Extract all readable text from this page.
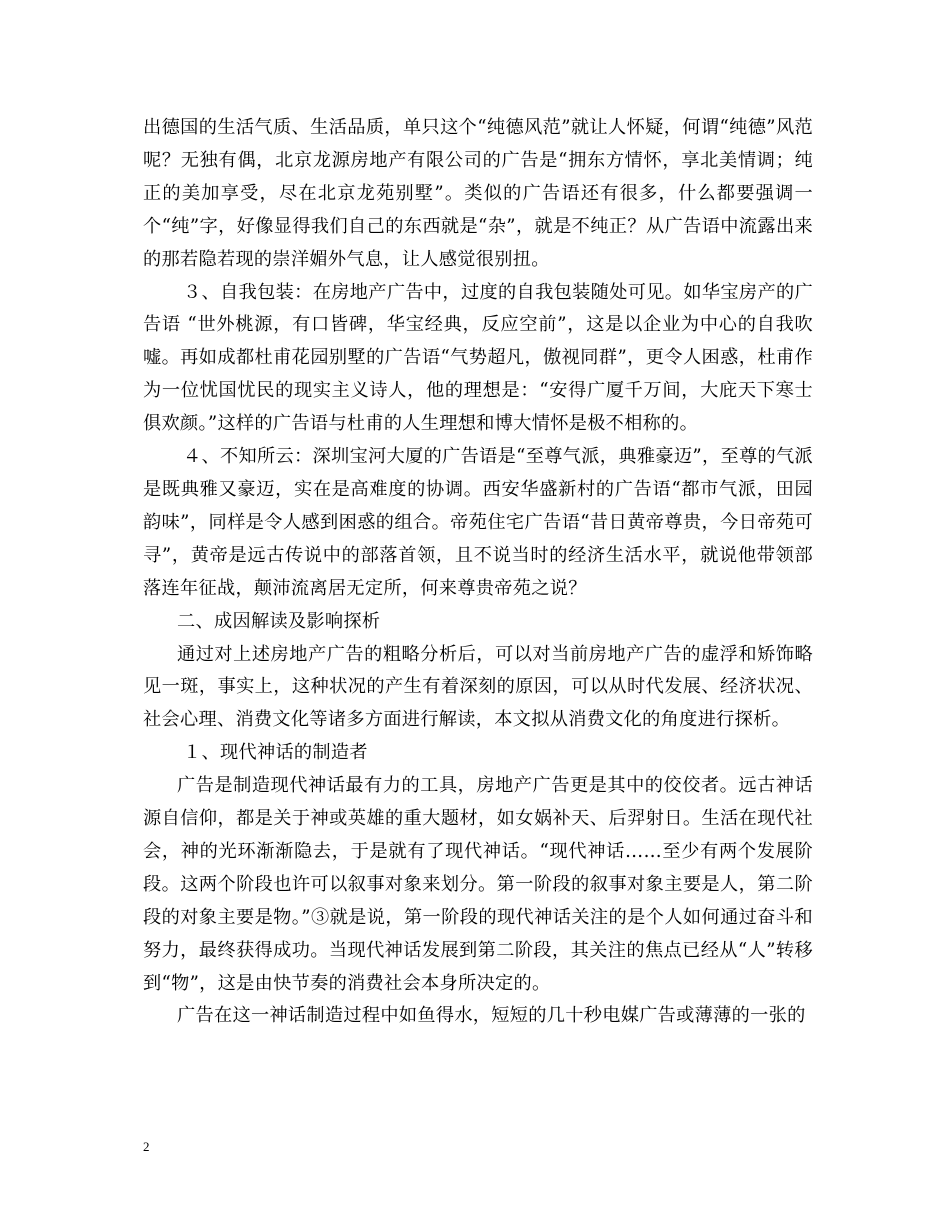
出德国的生活气质、生活品质，单只这个“纯德风范”就让人怀疑，何谓“纯德”风范呢？无独有偶，北京龙源房地产有限公司的广告是“拥东方情怀，享北美情调；纯正的美加享受，尽在北京龙苑别墅”。类似的广告语还有很多，什么都要强调一个“纯”字，好像显得我们自己的东西就是“杂”，就是不纯正？从广告语中流露出来的那若隐若现的崇洋媚外气息，让人感觉很别扭。

３、自我包装：在房地产广告中，过度的自我包装随处可见。如华宝房产的广告语 “世外桃源，有口皆碑，华宝经典，反应空前”，这是以企业为中心的自我吹嘘。再如成都杜甫花园别墅的广告语“气势超凡，傲视同群”，更令人困惑，杜甫作为一位忧国忧民的现实主义诗人，他的理想是：“安得广厦千万间，大庇天下寒士俱欢颜。”这样的广告语与杜甫的人生理想和博大情怀是极不相称的。

４、不知所云：深圳宝河大厦的广告语是“至尊气派，典雅豪迈”，至尊的气派是既典雅又豪迈，实在是高难度的协调。西安华盛新村的广告语“都市气派，田园韵味”，同样是令人感到困惑的组合。帝苑住宅广告语“昔日黄帝尊贵，今日帝苑可寻”，黄帝是远古传说中的部落首领，且不说当时的经济生活水平，就说他带领部落连年征战，颠沛流离居无定所，何来尊贵帝苑之说？

二、成因解读及影响探析

通过对上述房地产广告的粗略分析后，可以对当前房地产广告的虚浮和矫饰略见一斑，事实上，这种状况的产生有着深刻的原因，可以从时代发展、经济状况、社会心理、消费文化等诸多方面进行解读，本文拟从消费文化的角度进行探析。

１、现代神话的制造者

广告是制造现代神话最有力的工具，房地产广告更是其中的佼佼者。远古神话源自信仰，都是关于神或英雄的重大题材，如女娲补天、后羿射日。生活在现代社会，神的光环渐渐隐去，于是就有了现代神话。“现代神话……至少有两个发展阶段。这两个阶段也许可以叙事对象来划分。第一阶段的叙事对象主要是人，第二阶段的对象主要是物。”③就是说，第一阶段的现代神话关注的是个人如何通过奋斗和努力，最终获得成功。当现代神话发展到第二阶段，其关注的焦点已经从“人”转移到“物”，这是由快节奏的消费社会本身所决定的。

广告在这一神话制造过程中如鱼得水，短短的几十秒电媒广告或薄薄的一张的

2
